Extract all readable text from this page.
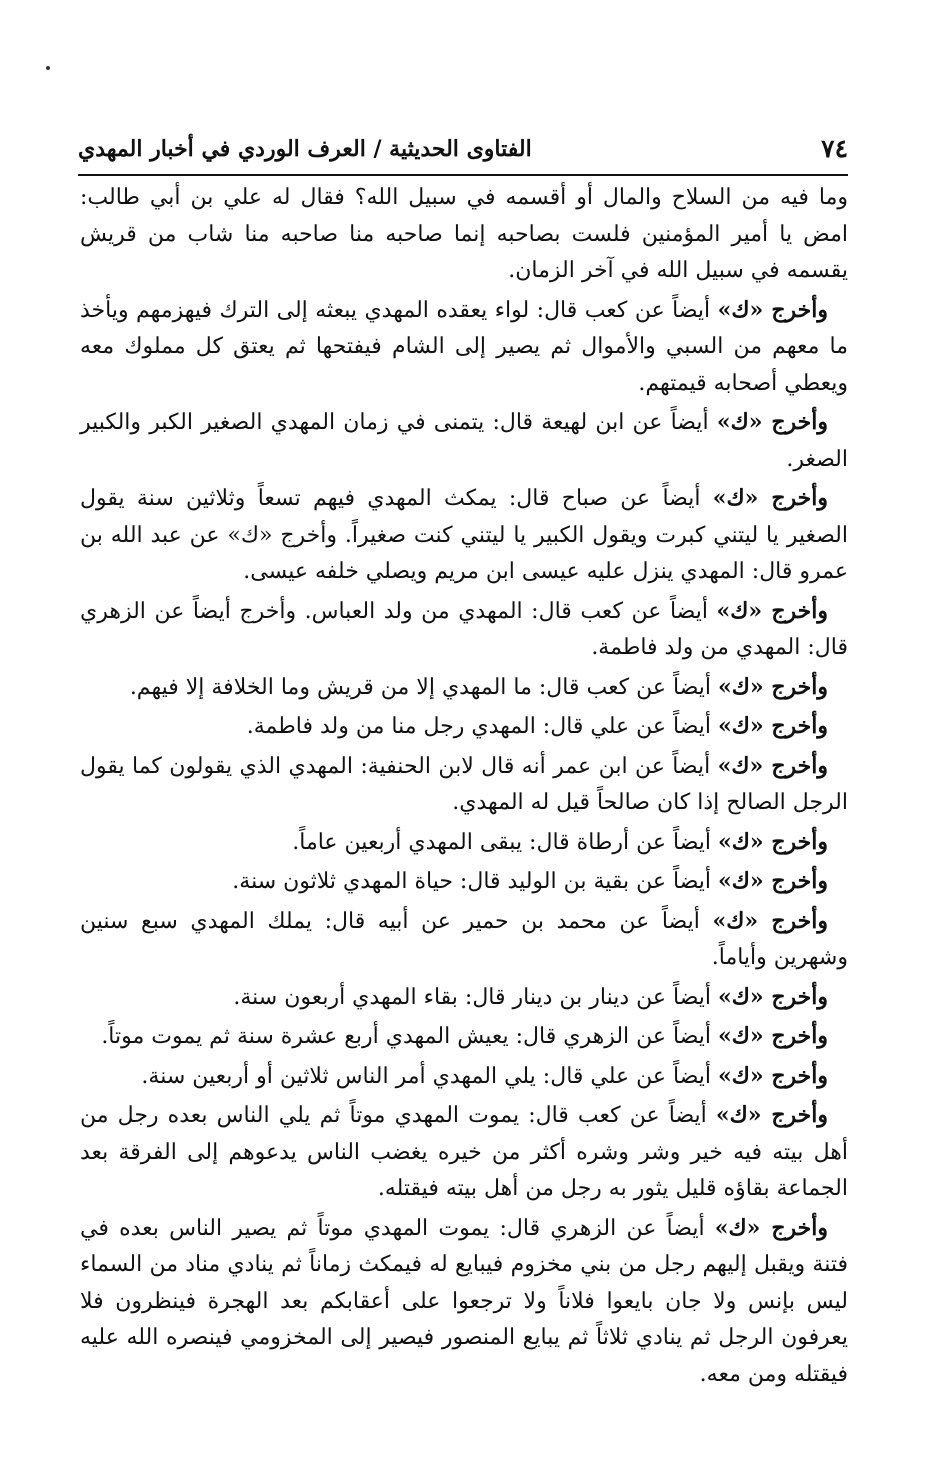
٧٤
الفتاوى الحديثية / العرف الوردي في أخبار المهدي

وما فيه من السلاح والمال أو أقسمه في سبيل الله؟ فقال له علي بن أبي طالب: امض يا أمير المؤمنين فلست بصاحبه إنما صاحبه منا صاحبه منا شاب من قريش يقسمه في سبيل الله في آخر الزمان.

وأخرج «ك» أيضاً عن كعب قال: لواء يعقده المهدي يبعثه إلى الترك فيهزمهم ويأخذ ما معهم من السبي والأموال ثم يصير إلى الشام فيفتحها ثم يعتق كل مملوك معه ويعطي أصحابه قيمتهم.

وأخرج «ك» أيضاً عن ابن لهيعة قال: يتمنى في زمان المهدي الصغير الكبر والكبير الصغر.

وأخرج «ك» أيضاً عن صباح قال: يمكث المهدي فيهم تسعاً وثلاثين سنة يقول الصغير يا ليتني كبرت ويقول الكبير يا ليتني كنت صغيراً. وأخرج «ك» عن عبد الله بن عمرو قال: المهدي ينزل عليه عيسى ابن مريم ويصلي خلفه عيسى.

وأخرج «ك» أيضاً عن كعب قال: المهدي من ولد العباس. وأخرج أيضاً عن الزهري قال: المهدي من ولد فاطمة.

وأخرج «ك» أيضاً عن كعب قال: ما المهدي إلا من قريش وما الخلافة إلا فيهم.

وأخرج «ك» أيضاً عن علي قال: المهدي رجل منا من ولد فاطمة.

وأخرج «ك» أيضاً عن ابن عمر أنه قال لابن الحنفية: المهدي الذي يقولون كما يقول الرجل الصالح إذا كان صالحاً قيل له المهدي.

وأخرج «ك» أيضاً عن أرطاة قال: يبقى المهدي أربعين عاماً.

وأخرج «ك» أيضاً عن بقية بن الوليد قال: حياة المهدي ثلاثون سنة.

وأخرج «ك» أيضاً عن محمد بن حمير عن أبيه قال: يملك المهدي سبع سنين وشهرين وأياماً.

وأخرج «ك» أيضاً عن دينار بن دينار قال: بقاء المهدي أربعون سنة.

وأخرج «ك» أيضاً عن الزهري قال: يعيش المهدي أربع عشرة سنة ثم يموت موتاً.

وأخرج «ك» أيضاً عن علي قال: يلي المهدي أمر الناس ثلاثين أو أربعين سنة.

وأخرج «ك» أيضاً عن كعب قال: يموت المهدي موتاً ثم يلي الناس بعده رجل من أهل بيته فيه خير وشر وشره أكثر من خيره يغضب الناس يدعوهم إلى الفرقة بعد الجماعة بقاؤه قليل يثور به رجل من أهل بيته فيقتله.

وأخرج «ك» أيضاً عن الزهري قال: يموت المهدي موتاً ثم يصير الناس بعده في فتنة ويقبل إليهم رجل من بني مخزوم فيبايع له فيمكث زماناً ثم ينادي مناد من السماء ليس بإنس ولا جان بايعوا فلاناً ولا ترجعوا على أعقابكم بعد الهجرة فينظرون فلا يعرفون الرجل ثم ينادي ثلاثاً ثم يبايع المنصور فيصير إلى المخزومي فينصره الله عليه فيقتله ومن معه.
